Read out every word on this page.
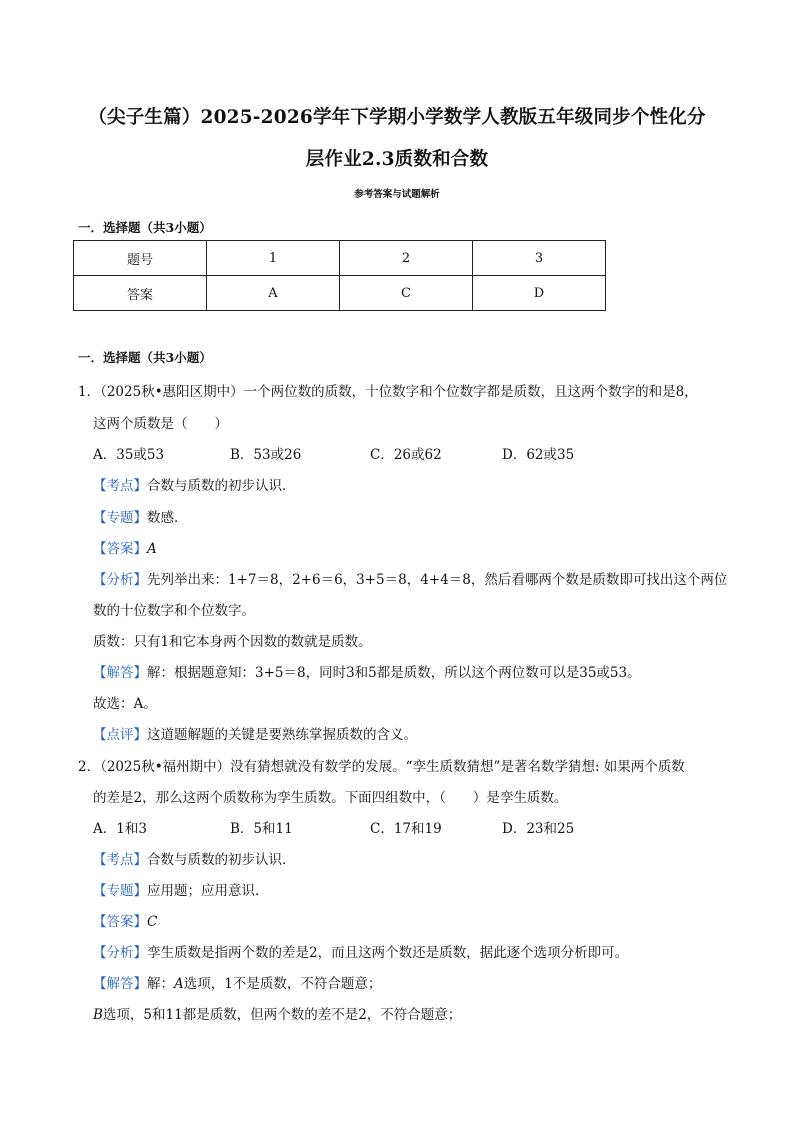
（尖子生篇）2025-2026学年下学期小学数学人教版五年级同步个性化分
层作业2.3质数和合数
参考答案与试题解析
一．选择题（共3小题）
题号	1	2	3
答案	A	C	D
一．选择题（共3小题）
1．（2025秋•惠阳区期中）一个两位数的质数，十位数字和个位数字都是质数，且这两个数字的和是8，
这两个质数是（　　）
A．35或53	B．53或26	C．26或62	D．62或35
【考点】合数与质数的初步认识．
【专题】数感．
【答案】A
【分析】先列举出来：1+7＝8，2+6＝6，3+5＝8，4+4＝8，然后看哪两个数是质数即可找出这个两位
数的十位数字和个位数字。
质数：只有1和它本身两个因数的数就是质数。
【解答】解：根据题意知：3+5＝8，同时3和5都是质数，所以这个两位数可以是35或53。
故选：A。
【点评】这道题解题的关键是要熟练掌握质数的含义。
2．（2025秋•福州期中）没有猜想就没有数学的发展。“孪生质数猜想”是著名数学猜想: 如果两个质数
的差是2，那么这两个质数称为孪生质数。下面四组数中，（　　）是孪生质数。
A．1和3	B．5和11	C．17和19	D．23和25
【考点】合数与质数的初步认识．
【专题】应用题；应用意识．
【答案】C
【分析】孪生质数是指两个数的差是2，而且这两个数还是质数，据此逐个选项分析即可。
【解答】解：A选项，1不是质数，不符合题意；
B选项，5和11都是质数，但两个数的差不是2，不符合题意；
